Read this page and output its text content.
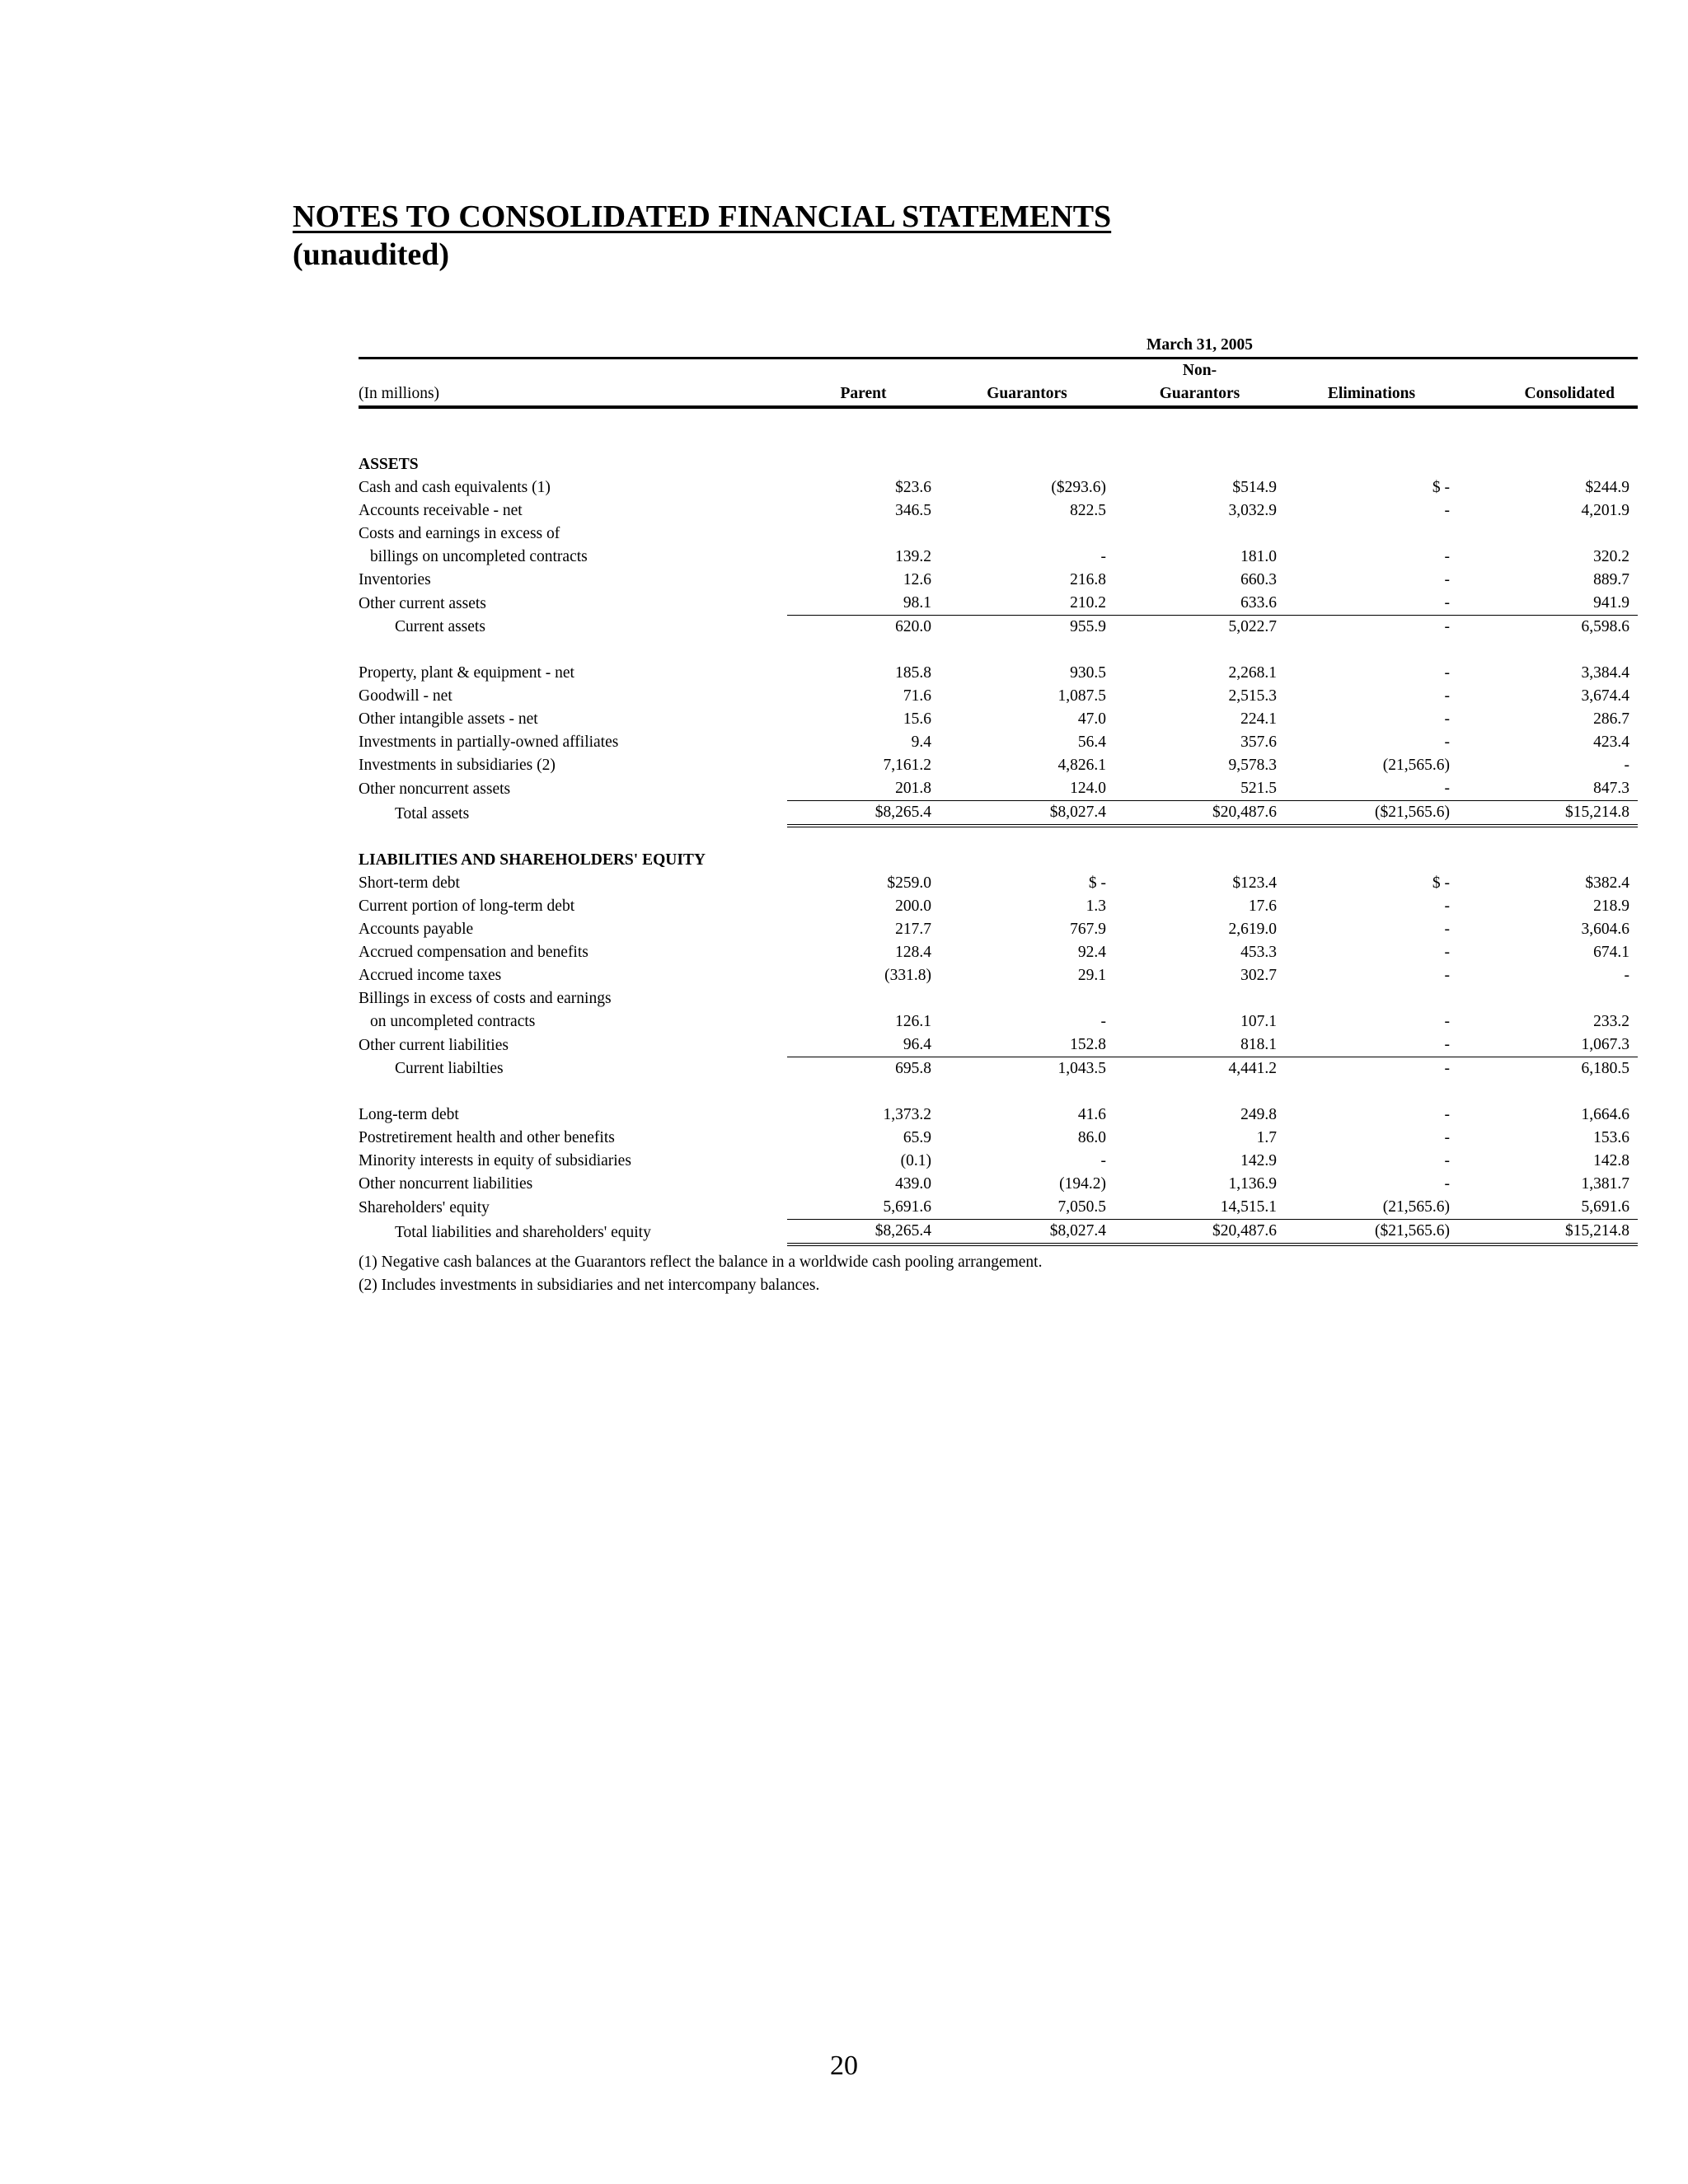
NOTES TO CONSOLIDATED FINANCIAL STATEMENTS
(unaudited)
			March 31, 2005		
			Non-		
(In millions)	Parent	Guarantors	Guarantors	Eliminations	Consolidated

ASSETS					
Cash and cash equivalents (1)	$23.6	($293.6)	$514.9	$ -	$244.9
Accounts receivable - net	346.5	822.5	3,032.9	-	4,201.9
Costs and earnings in excess of					
billings on uncompleted contracts	139.2	-	181.0	-	320.2
Inventories	12.6	216.8	660.3	-	889.7
Other current assets	98.1	210.2	633.6	-	941.9
Current assets	620.0	955.9	5,022.7	-	6,598.6

Property, plant & equipment - net	185.8	930.5	2,268.1	-	3,384.4
Goodwill - net	71.6	1,087.5	2,515.3	-	3,674.4
Other intangible assets - net	15.6	47.0	224.1	-	286.7
Investments in partially-owned affiliates	9.4	56.4	357.6	-	423.4
Investments in subsidiaries (2)	7,161.2	4,826.1	9,578.3	(21,565.6)	-
Other noncurrent assets	201.8	124.0	521.5	-	847.3
Total assets	$8,265.4	$8,027.4	$20,487.6	($21,565.6)	$15,214.8

LIABILITIES AND SHAREHOLDERS' EQUITY					
Short-term debt	$259.0	$ -	$123.4	$ -	$382.4
Current portion of long-term debt	200.0	1.3	17.6	-	218.9
Accounts payable	217.7	767.9	2,619.0	-	3,604.6
Accrued compensation and benefits	128.4	92.4	453.3	-	674.1
Accrued income taxes	(331.8)	29.1	302.7	-	-
Billings in excess of costs and earnings					
on uncompleted contracts	126.1	-	107.1	-	233.2
Other current liabilities	96.4	152.8	818.1	-	1,067.3
Current liabilties	695.8	1,043.5	4,441.2	-	6,180.5

Long-term debt	1,373.2	41.6	249.8	-	1,664.6
Postretirement health and other benefits	65.9	86.0	1.7	-	153.6
Minority interests in equity of subsidiaries	(0.1)	-	142.9	-	142.8
Other noncurrent liabilities	439.0	(194.2)	1,136.9	-	1,381.7
Shareholders' equity	5,691.6	7,050.5	14,515.1	(21,565.6)	5,691.6
Total liabilities and shareholders' equity	$8,265.4	$8,027.4	$20,487.6	($21,565.6)	$15,214.8
(1) Negative cash balances at the Guarantors reflect the balance in a worldwide cash pooling arrangement.
(2) Includes investments in subsidiaries and net intercompany balances.
20
